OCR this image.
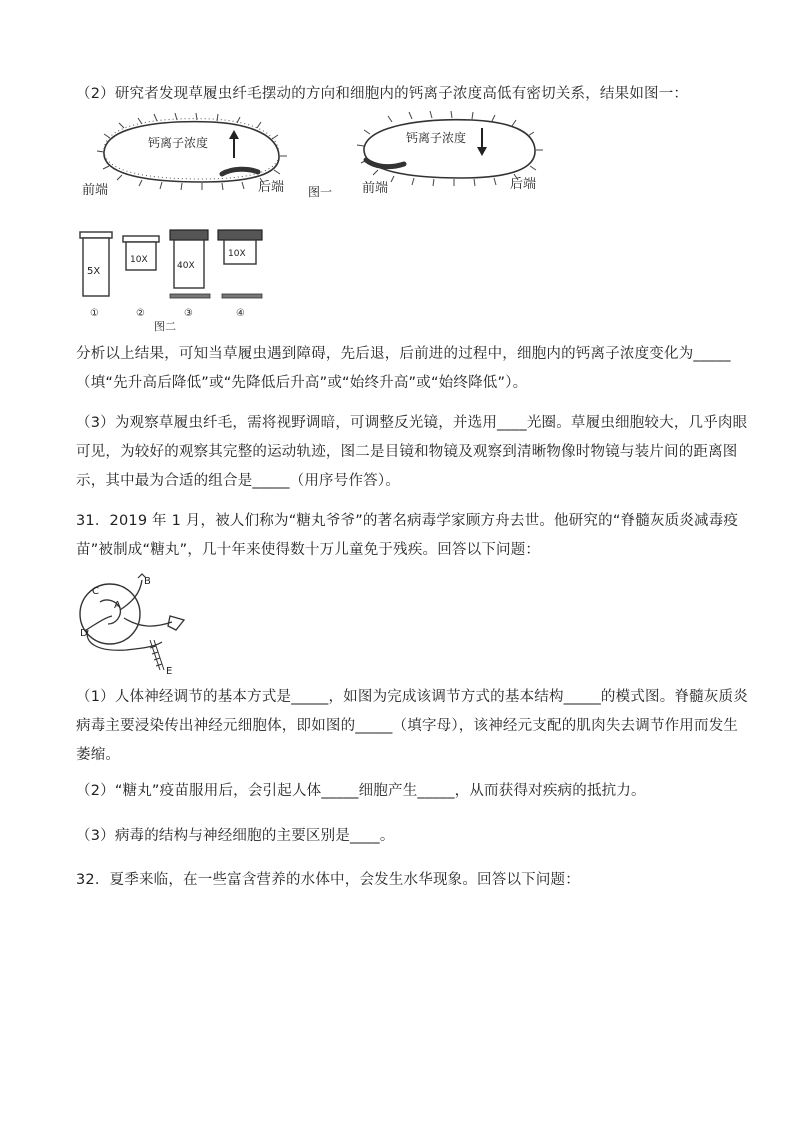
（2）研究者发现草履虫纤毛摆动的方向和细胞内的钙离子浓度高低有密切关系，结果如图一：
钙离子浓度
前端	后端 图一
钙离子浓度
前端	后端
5X
10X
40X
10X
①	②	③	④
图二
分析以上结果，可知当草履虫遇到障碍，先后退，后前进的过程中，细胞内的钙离子浓度变化为_____
（填“先升高后降低”或“先降低后升高”或“始终升高”或“始终降低”）。
（3）为观察草履虫纤毛，需将视野调暗，可调整反光镜，并选用____光圈。草履虫细胞较大，几乎肉眼
可见，为较好的观察其完整的运动轨迹，图二是目镜和物镜及观察到清晰物像时物镜与装片间的距离图
示，其中最为合适的组合是_____（用序号作答）。
31．2019 年 1 月，被人们称为“糖丸爷爷”的著名病毒学家顾方舟去世。他研究的“脊髓灰质炎减毒疫
苗”被制成“糖丸”，几十年来使得数十万儿童免于残疾。回答以下问题：
C
A
B
D
E
（1）人体神经调节的基本方式是_____，如图为完成该调节方式的基本结构_____的模式图。脊髓灰质炎
病毒主要浸染传出神经元细胞体，即如图的_____（填字母），该神经元支配的肌肉失去调节作用而发生
萎缩。
（2）“糖丸”疫苗服用后，会引起人体_____细胞产生_____，从而获得对疾病的抵抗力。
（3）病毒的结构与神经细胞的主要区别是____。
32．夏季来临，在一些富含营养的水体中，会发生水华现象。回答以下问题：
